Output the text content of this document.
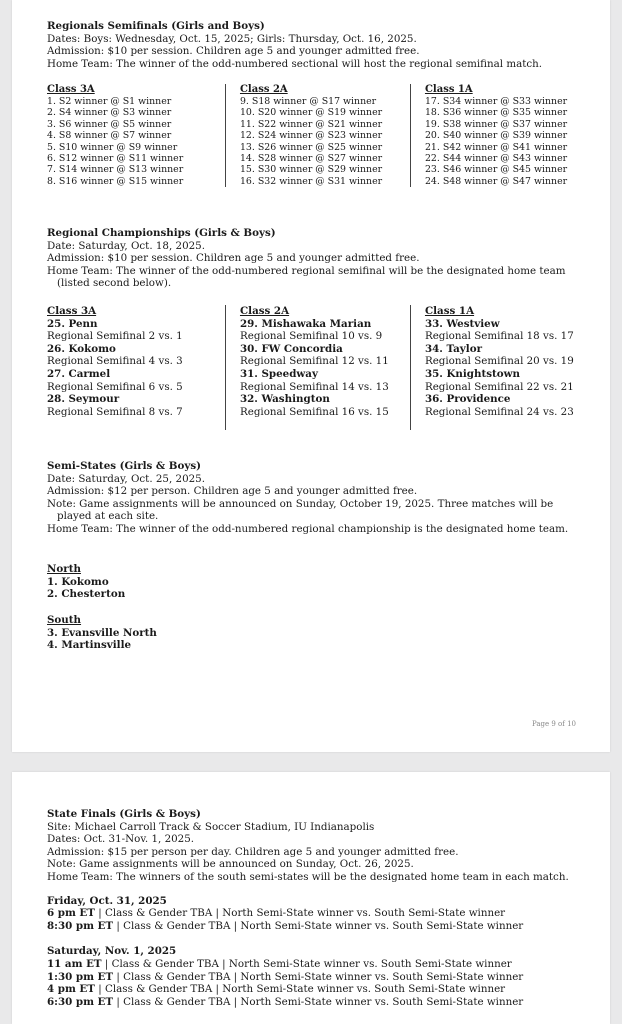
Regionals Semifinals (Girls and Boys)
Dates: Boys: Wednesday, Oct. 15, 2025; Girls: Thursday, Oct. 16, 2025.
Admission: $10 per session. Children age 5 and younger admitted free.
Home Team: The winner of the odd-numbered sectional will host the regional semifinal match.
Class 3A
1. S2 winner @ S1 winner
2. S4 winner @ S3 winner
3. S6 winner @ S5 winner
4. S8 winner @ S7 winner
5. S10 winner @ S9 winner
6. S12 winner @ S11 winner
7. S14 winner @ S13 winner
8. S16 winner @ S15 winner
Class 2A
9. S18 winner @ S17 winner
10. S20 winner @ S19 winner
11. S22 winner @ S21 winner
12. S24 winner @ S23 winner
13. S26 winner @ S25 winner
14. S28 winner @ S27 winner
15. S30 winner @ S29 winner
16. S32 winner @ S31 winner
Class 1A
17. S34 winner @ S33 winner
18. S36 winner @ S35 winner
19. S38 winner @ S37 winner
20. S40 winner @ S39 winner
21. S42 winner @ S41 winner
22. S44 winner @ S43 winner
23. S46 winner @ S45 winner
24. S48 winner @ S47 winner
Regional Championships (Girls & Boys)
Date: Saturday, Oct. 18, 2025.
Admission: $10 per session. Children age 5 and younger admitted free.
Home Team: The winner of the odd-numbered regional semifinal will be the designated home team (listed second below).
Class 3A
25. Penn
Regional Semifinal 2 vs. 1
26. Kokomo
Regional Semifinal 4 vs. 3
27. Carmel
Regional Semifinal 6 vs. 5
28. Seymour
Regional Semifinal 8 vs. 7
Class 2A
29. Mishawaka Marian
Regional Semifinal 10 vs. 9
30. FW Concordia
Regional Semifinal 12 vs. 11
31. Speedway
Regional Semifinal 14 vs. 13
32. Washington
Regional Semifinal 16 vs. 15
Class 1A
33. Westview
Regional Semifinal 18 vs. 17
34. Taylor
Regional Semifinal 20 vs. 19
35. Knightstown
Regional Semifinal 22 vs. 21
36. Providence
Regional Semifinal 24 vs. 23
Semi-States (Girls & Boys)
Date: Saturday, Oct. 25, 2025.
Admission: $12 per person. Children age 5 and younger admitted free.
Note: Game assignments will be announced on Sunday, October 19, 2025. Three matches will be played at each site.
Home Team: The winner of the odd-numbered regional championship is the designated home team.
North
1. Kokomo
2. Chesterton
South
3. Evansville North
4. Martinsville
Page 9 of 10
State Finals (Girls & Boys)
Site: Michael Carroll Track & Soccer Stadium, IU Indianapolis
Dates: Oct. 31-Nov. 1, 2025.
Admission: $15 per person per day. Children age 5 and younger admitted free.
Note: Game assignments will be announced on Sunday, Oct. 26, 2025.
Home Team: The winners of the south semi-states will be the designated home team in each match.
Friday, Oct. 31, 2025
6 pm ET | Class & Gender TBA | North Semi-State winner vs. South Semi-State winner
8:30 pm ET | Class & Gender TBA | North Semi-State winner vs. South Semi-State winner
Saturday, Nov. 1, 2025
11 am ET | Class & Gender TBA | North Semi-State winner vs. South Semi-State winner
1:30 pm ET | Class & Gender TBA | North Semi-State winner vs. South Semi-State winner
4 pm ET | Class & Gender TBA | North Semi-State winner vs. South Semi-State winner
6:30 pm ET | Class & Gender TBA | North Semi-State winner vs. South Semi-State winner
